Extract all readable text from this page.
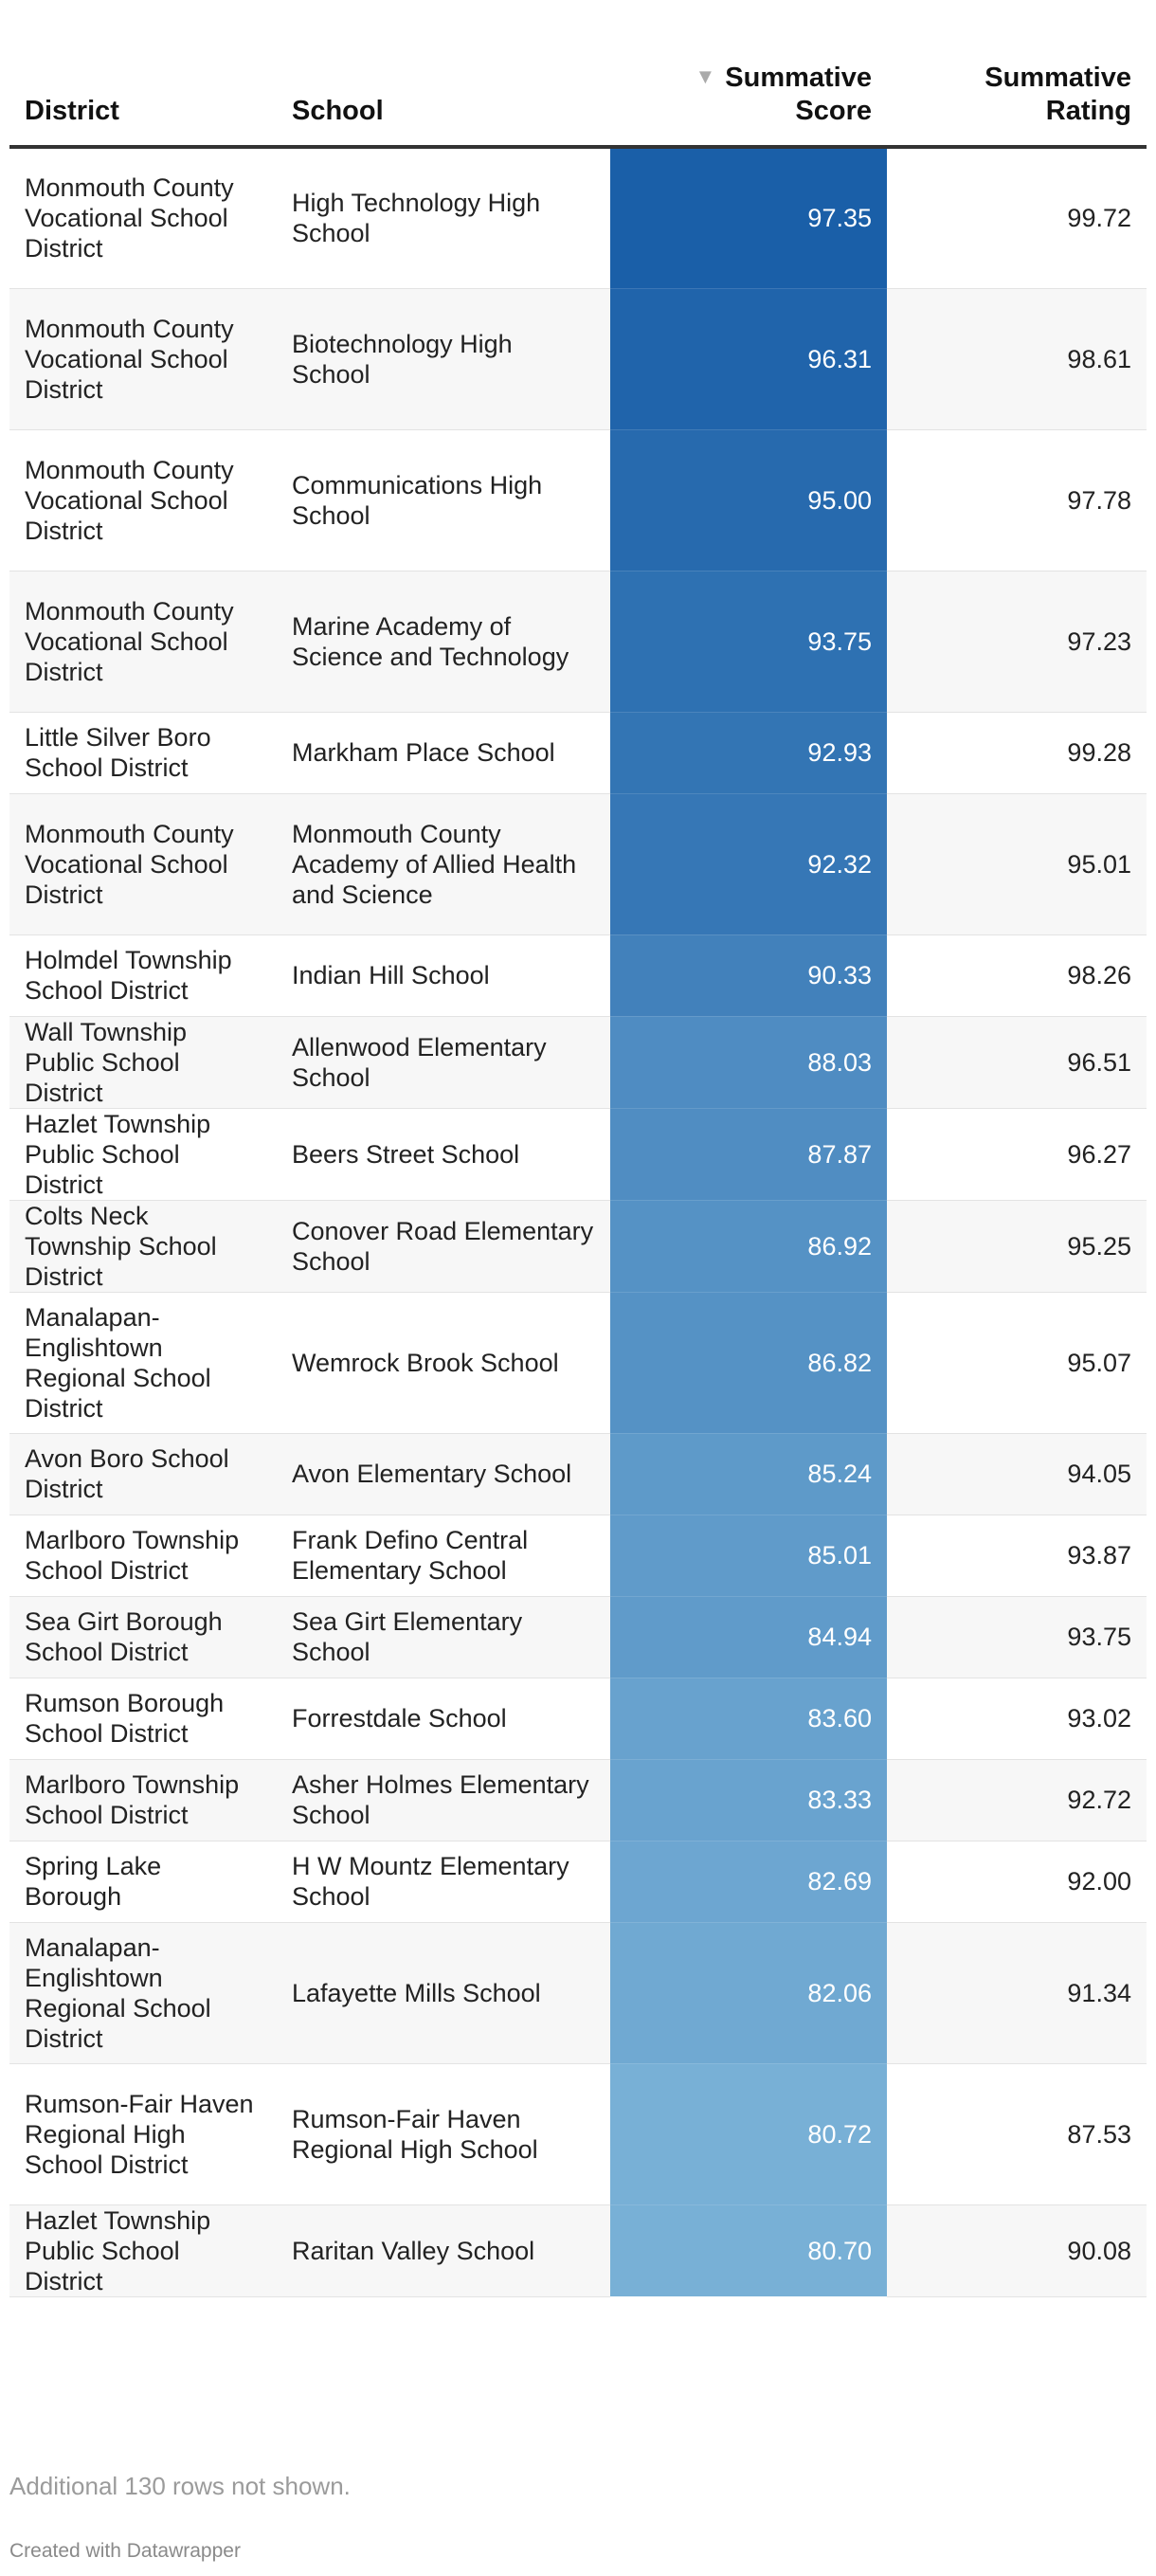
District	School	▼ Summative Score	Summative Rating
Monmouth County Vocational School District	High Technology High School	97.35	99.72
Monmouth County Vocational School District	Biotechnology High School	96.31	98.61
Monmouth County Vocational School District	Communications High School	95.00	97.78
Monmouth County Vocational School District	Marine Academy of Science and Technology	93.75	97.23
Little Silver Boro School District	Markham Place School	92.93	99.28
Monmouth County Vocational School District	Monmouth County Academy of Allied Health and Science	92.32	95.01
Holmdel Township School District	Indian Hill School	90.33	98.26
Wall Township Public School District	Allenwood Elementary School	88.03	96.51
Hazlet Township Public School District	Beers Street School	87.87	96.27
Colts Neck Township School District	Conover Road Elementary School	86.92	95.25
Manalapan-Englishtown Regional School District	Wemrock Brook School	86.82	95.07
Avon Boro School District	Avon Elementary School	85.24	94.05
Marlboro Township School District	Frank Defino Central Elementary School	85.01	93.87
Sea Girt Borough School District	Sea Girt Elementary School	84.94	93.75
Rumson Borough School District	Forrestdale School	83.60	93.02
Marlboro Township School District	Asher Holmes Elementary School	83.33	92.72
Spring Lake Borough	H W Mountz Elementary School	82.69	92.00
Manalapan-Englishtown Regional School District	Lafayette Mills School	82.06	91.34
Rumson-Fair Haven Regional High School District	Rumson-Fair Haven Regional High School	80.72	87.53
Hazlet Township Public School District	Raritan Valley School	80.70	90.08
Additional 130 rows not shown.
Created with Datawrapper
